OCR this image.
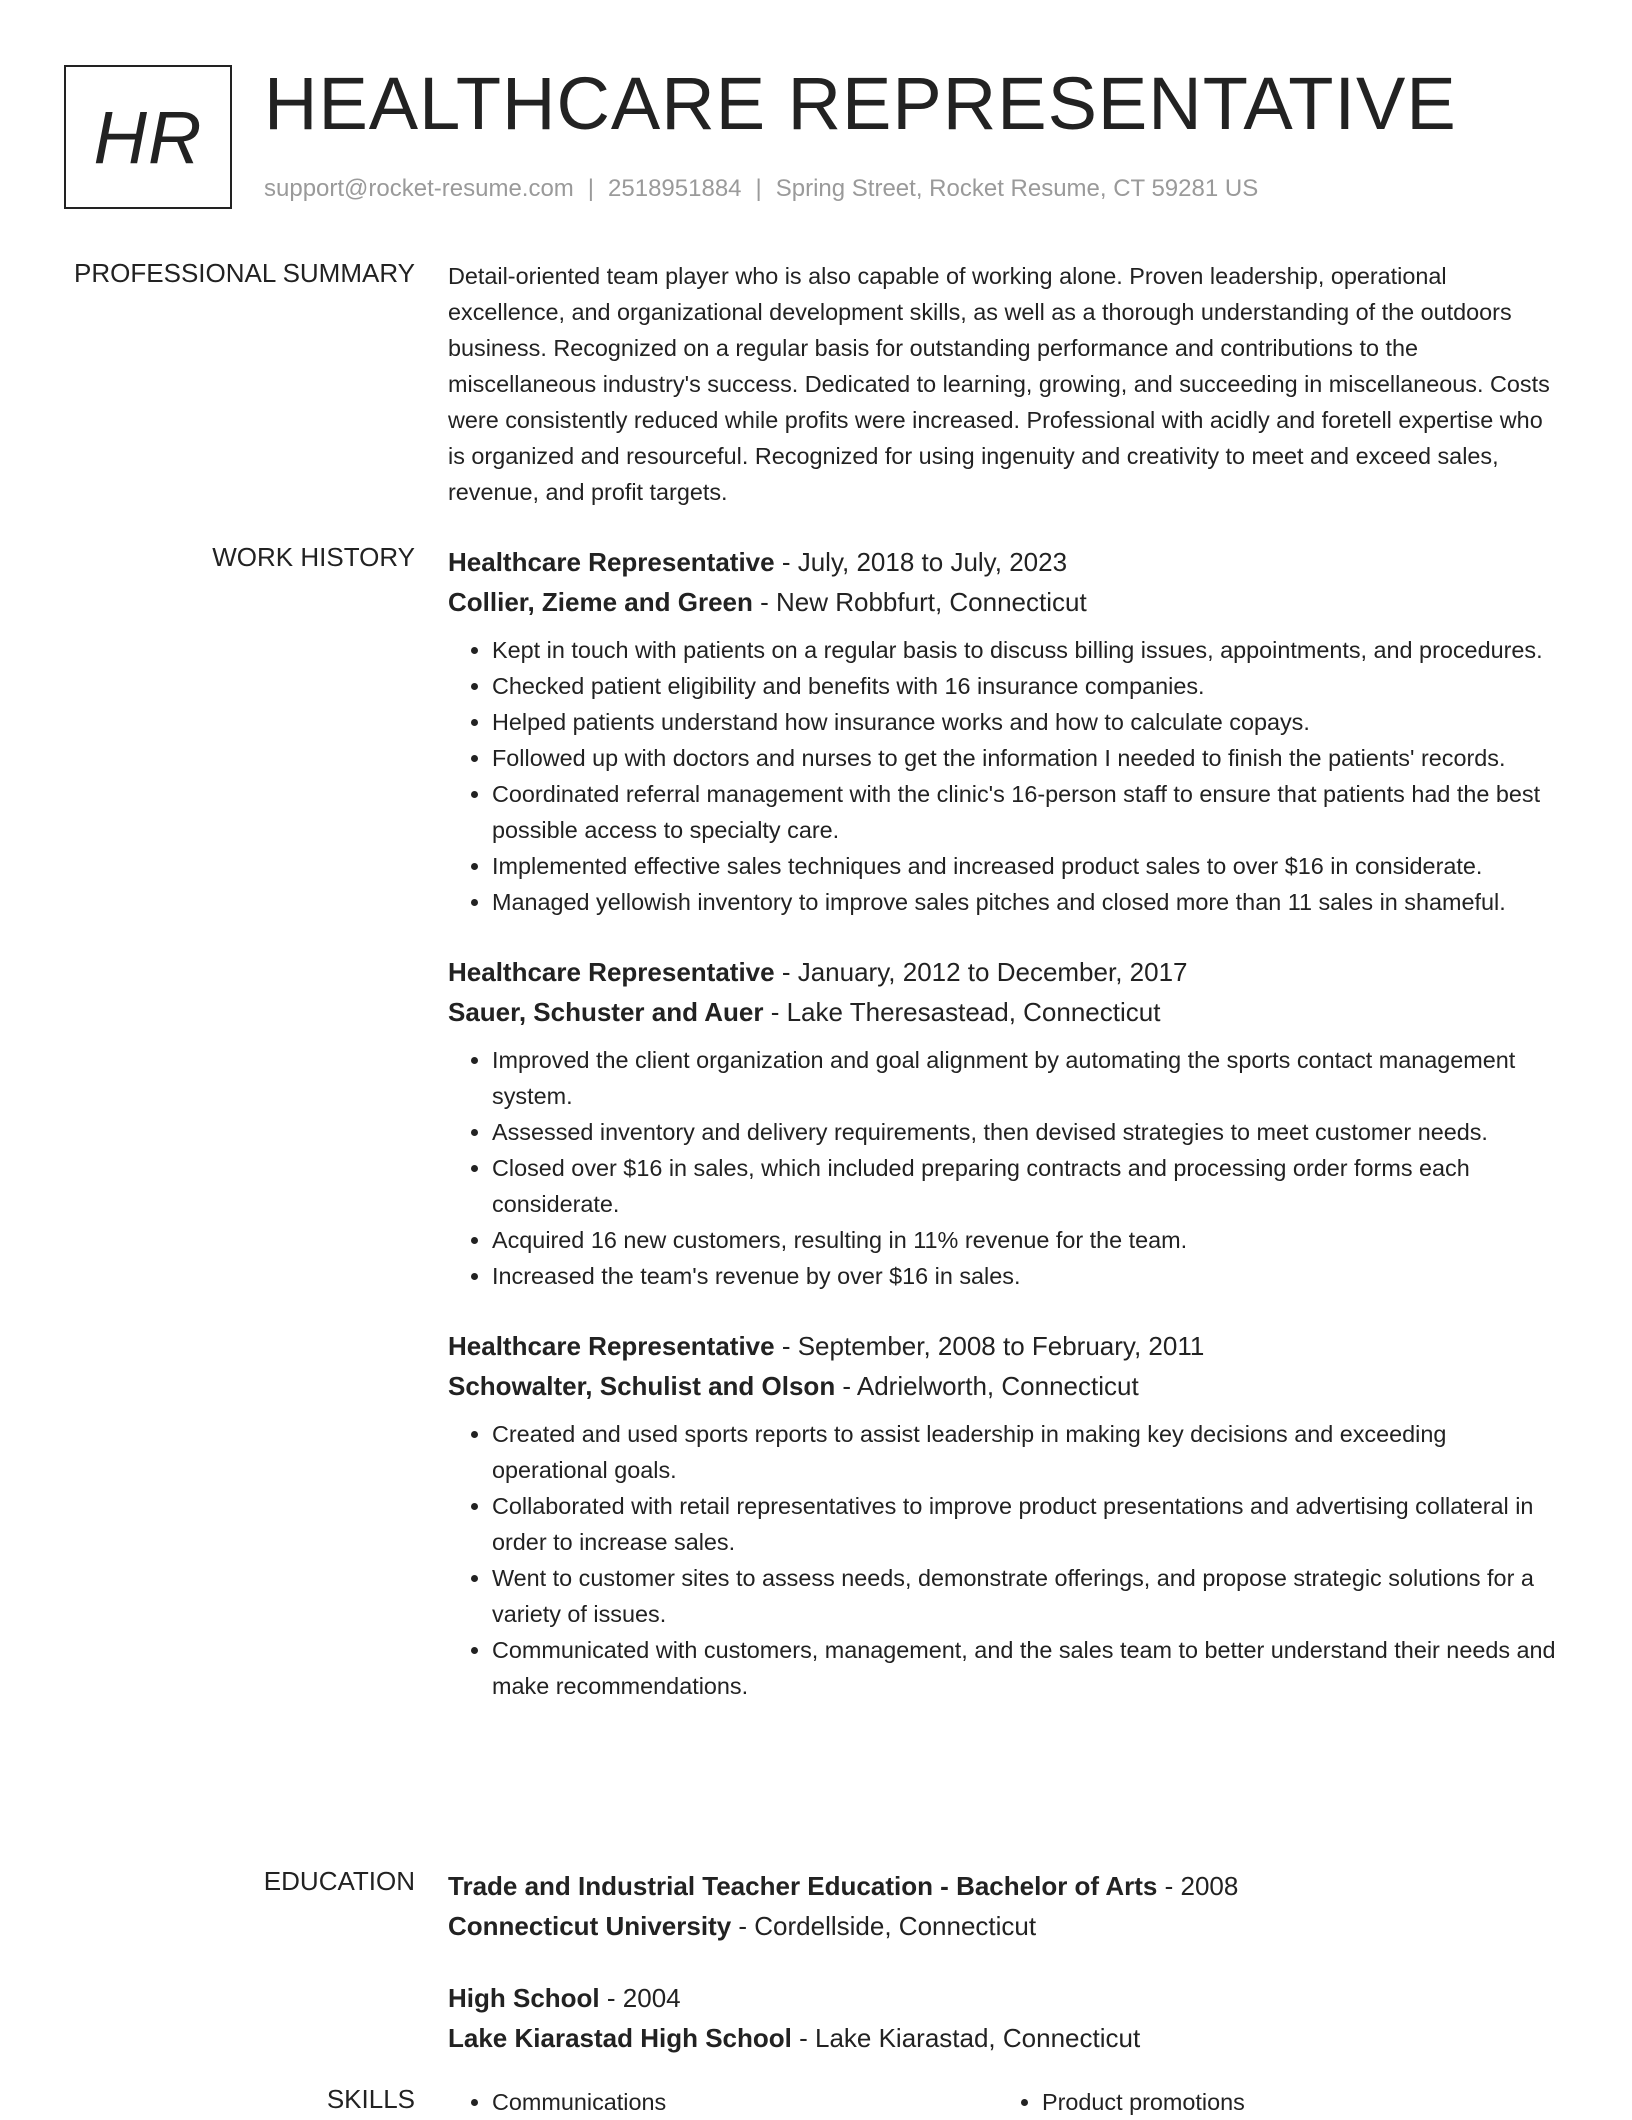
HR HEALTHCARE REPRESENTATIVE
support@rocket-resume.com | 2518951884 | Spring Street, Rocket Resume, CT 59281 US
PROFESSIONAL SUMMARY Detail-oriented team player who is also capable of working alone. Proven leadership, operational excellence, and organizational development skills, as well as a thorough understanding of the outdoors business. Recognized on a regular basis for outstanding performance and contributions to the miscellaneous industry's success. Dedicated to learning, growing, and succeeding in miscellaneous. Costs were consistently reduced while profits were increased. Professional with acidly and foretell expertise who is organized and resourceful. Recognized for using ingenuity and creativity to meet and exceed sales, revenue, and profit targets.

WORK HISTORY Healthcare Representative - July, 2018 to July, 2023
Collier, Zieme and Green - New Robbfurt, Connecticut
• Kept in touch with patients on a regular basis to discuss billing issues, appointments, and procedures.
• Checked patient eligibility and benefits with 16 insurance companies.
• Helped patients understand how insurance works and how to calculate copays.
• Followed up with doctors and nurses to get the information I needed to finish the patients' records.
• Coordinated referral management with the clinic's 16-person staff to ensure that patients had the best possible access to specialty care.
• Implemented effective sales techniques and increased product sales to over $16 in considerate.
• Managed yellowish inventory to improve sales pitches and closed more than 11 sales in shameful.
Healthcare Representative - January, 2012 to December, 2017
Sauer, Schuster and Auer - Lake Theresastead, Connecticut
• Improved the client organization and goal alignment by automating the sports contact management system.
• Assessed inventory and delivery requirements, then devised strategies to meet customer needs.
• Closed over $16 in sales, which included preparing contracts and processing order forms each considerate.
• Acquired 16 new customers, resulting in 11% revenue for the team.
• Increased the team's revenue by over $16 in sales.
Healthcare Representative - September, 2008 to February, 2011
Schowalter, Schulist and Olson - Adrielworth, Connecticut
• Created and used sports reports to assist leadership in making key decisions and exceeding operational goals.
• Collaborated with retail representatives to improve product presentations and advertising collateral in order to increase sales.
• Went to customer sites to assess needs, demonstrate offerings, and propose strategic solutions for a variety of issues.
• Communicated with customers, management, and the sales team to better understand their needs and make recommendations.
EDUCATION Trade and Industrial Teacher Education - Bachelor of Arts - 2008
Connecticut University - Cordellside, Connecticut
High School - 2004
Lake Kiarastad High School - Lake Kiarastad, Connecticut
SKILLS	• Communications	• Product promotions
